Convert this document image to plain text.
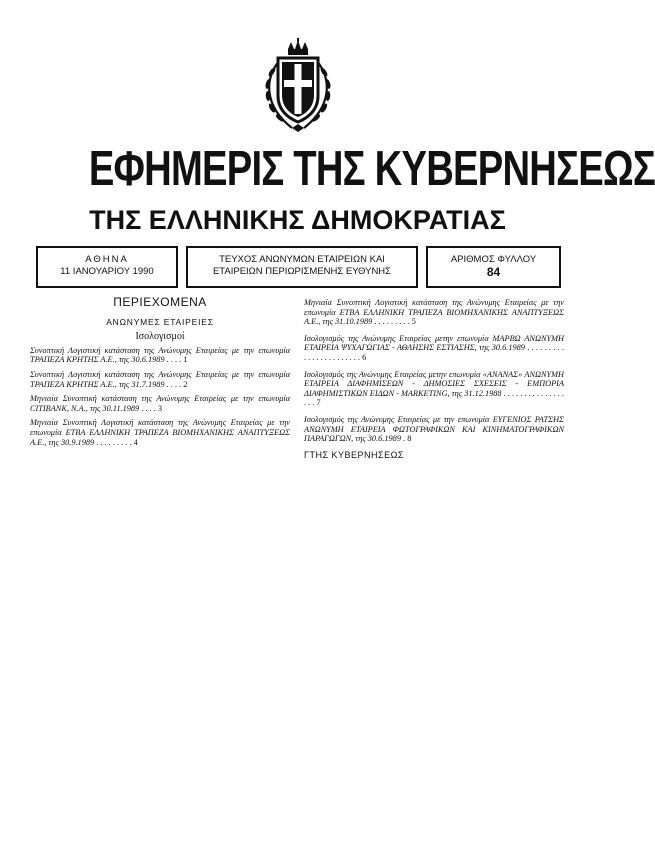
ΕΦΗΜΕΡΙΣ ΤΗΣ ΚΥΒΕΡΝΗΣΕΩΣ
ΤΗΣ ΕΛΛΗΝΙΚΗΣ ΔΗΜΟΚΡΑΤΙΑΣ
ΑΘΗΝΑ
11 ΙΑΝΟΥΑΡΙΟΥ 1990
ΤΕΥΧΟΣ ΑΝΩΝΥΜΩΝ ΕΤΑΙΡΕΙΩΝ ΚΑΙ
ΕΤΑΙΡΕΙΩΝ ΠΕΡΙΩΡΙΣΜΕΝΗΣ ΕΥΘΥΝΗΣ
ΑΡΙΘΜΟΣ ΦΥΛΛΟΥ
84
ΠΕΡΙΕΧΟΜΕΝΑ
ΑΝΩΝΥΜΕΣ ΕΤΑΙΡΕΙΕΣ
Ισολογισμοί
Συνοπτική Λογιστική κατάσταση της Ανώνυμης Εταιρείας με την επωνυμία ΤΡΑΠΕΖΑ ΚΡΗΤΗΣ Α.Ε., της 30.6.1989 . . . . 1
Συνοπτική Λογιστική κατάσταση της Ανώνυμης Εταιρείας με την επωνυμία ΤΡΑΠΕΖΑ ΚΡΗΤΗΣ Α.Ε., της 31.7.1989 . . . . 2
Μηνιαία Συνοπτική κατάσταση της Ανώνυμης Εταιρείας με την επωνυμία CITIBANK, N.A., της 30.11.1989 . . . . 3
Μηνιαία Συνοπτική Λογιστική κατάσταση της Ανώνυμης Εταιρείας με την επωνυμία ΕΤΒΑ ΕΛΛΗΝΙΚΗ ΤΡΑΠΕΖΑ ΒΙΟΜΗΧΑΝΙΚΗΣ ΑΝΑΠΤΥΞΕΩΣ Α.Ε., της 30.9.1989 . . . . . . . . . 4
Μηνιαία Συνοπτική Λογιστική κατάσταση της Ανώνυμης Εταιρείας με την επωνυμία ΕΤΒΑ ΕΛΛΗΝΙΚΗ ΤΡΑΠΕΖΑ ΒΙΟΜΗΧΑΝΙΚΗΣ ΑΝΑΠΤΥΞΕΩΣ Α.Ε., της 31.10.1989 . . . . . . . . . 5
Ισολογισμός της Ανώνυμης Εταιρείας μετην επωνυμία ΜΑΡΒΩ ΑΝΩΝΥΜΗ ΕΤΑΙΡΕΙΑ ΨΥΧΑΓΩΓΙΑΣ - ΑΘΛΗΣΗΣ ΕΣΤΙΑΣΗΣ, της 30.6.1989 . . . . . . . . . . . . . . . . . . . . . . . 6
Ισολογισμός της Ανώνυμης Εταιρείας μετην επωνυμία «ΑΝΑΝΑΣ» ΑΝΩΝΥΜΗ ΕΤΑΙΡΕΙΑ ΔΙΑΦΗΜΙΣΕΩΝ - ΔΗΜΟΣΙΕΣ ΣΧΕΣΕΙΣ - ΕΜΠΟΡΙΑ ΔΙΑΦΗΜΙΣΤΙΚΩΝ ΕΙΔΩΝ - MARKETING, της 31.12.1988 . . . . . . . . . . . . . . . . . . 7
Ισολογισμός της Ανώνυμης Εταιρείας με την επωνυμία ΕΥΓΕΝΙΟΣ ΡΑΤΣΗΣ ΑΝΩΝΥΜΗ ΕΤΑΙΡΕΙΑ ΦΩΤΟΓΡΑΦΙΚΩΝ ΚΑΙ ΚΙΝΗΜΑΤΟΓΡΑΦΙΚΩΝ ΠΑΡΑΓΩΓΩΝ, της 30.6.1989 . 8
ΓΤΗΣ ΚΥΒΕΡΝΗΣΕΩΣ
